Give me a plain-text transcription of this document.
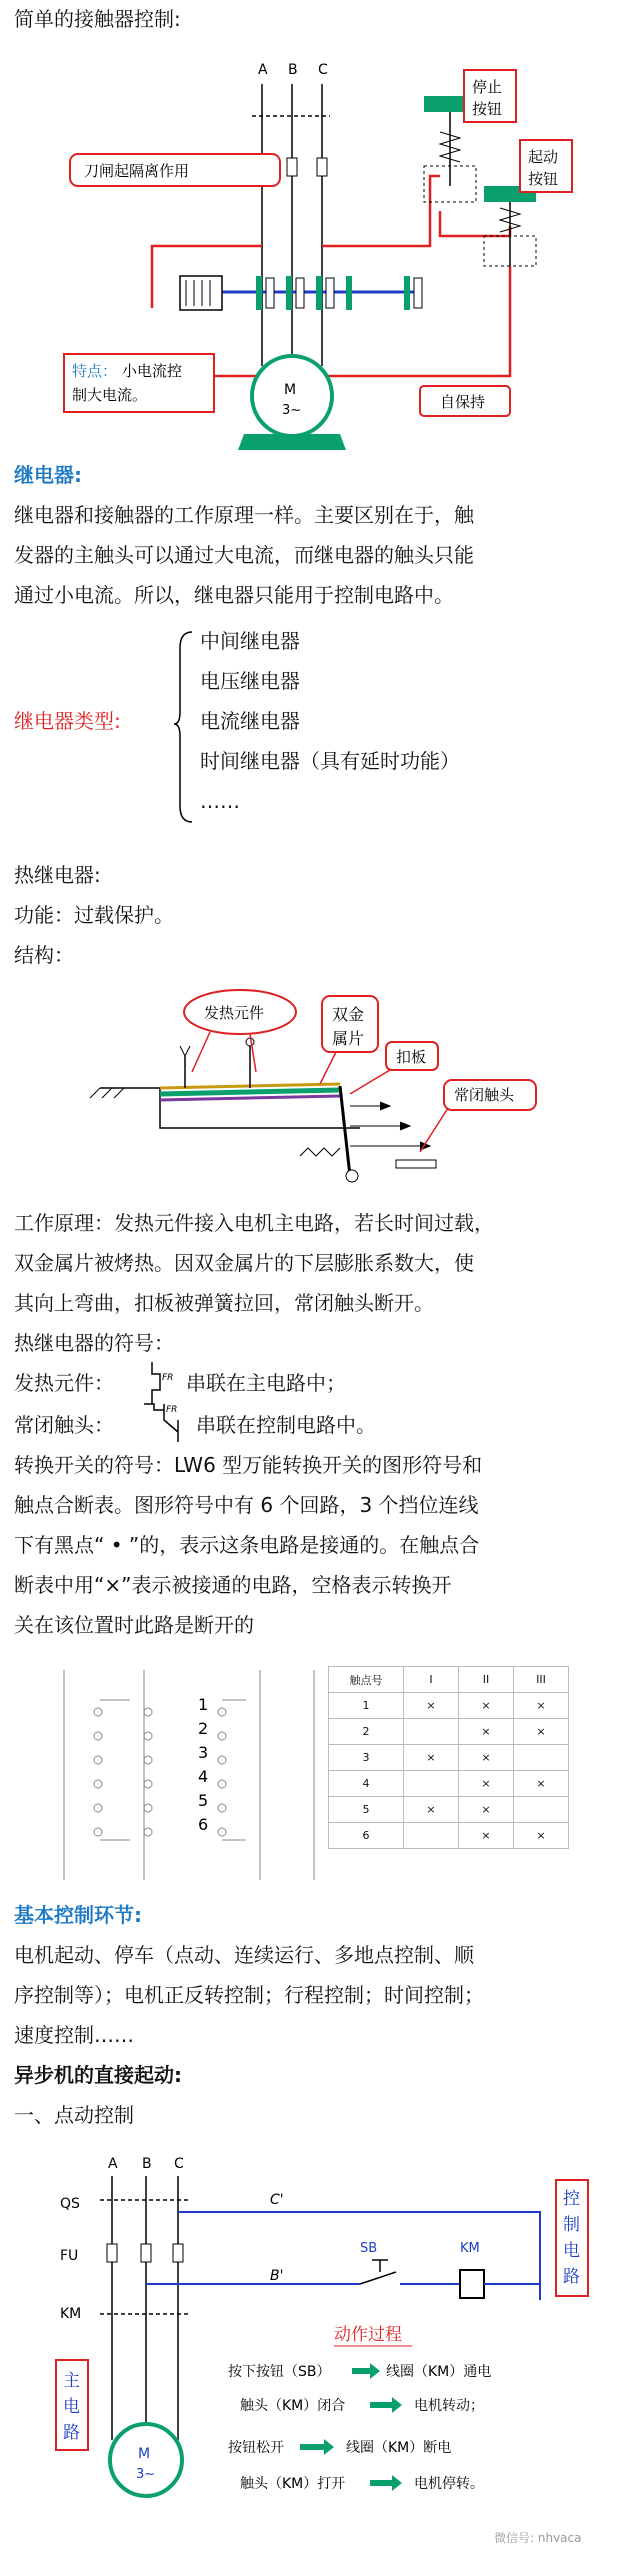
简单的接触器控制:
A B C
刀闸起隔离作用
停止
按钮
起动
按钮
特点： 小电流控
制大电流。	自保持
M
3~
继电器:
继电器和接触器的工作原理一样。主要区别在于，触
发器的主触头可以通过大电流，而继电器的触头只能
通过小电流。所以，继电器只能用于控制电路中。
继电器类型:
中间继电器
电压继电器
电流继电器
时间继电器（具有延时功能）
……
热继电器:
功能：过载保护。
结构：
发热元件	双金
属片
扣板
常闭触头
工作原理：发热元件接入电机主电路，若长时间过载，
双金属片被烤热。因双金属片的下层膨胀系数大，使
其向上弯曲，扣板被弹簧拉回，常闭触头断开。
热继电器的符号：
发热元件：	FR 串联在主电路中；
常闭触头：
FR
串联在控制电路中。
转换开关的符号：LW6 型万能转换开关的图形符号和
触点合断表。图形符号中有 6 个回路，3 个挡位连线
下有黑点“ • ”的，表示这条电路是接通的。在触点合
断表中用“×”表示被接通的电路，空格表示转换开
关在该位置时此路是断开的
1
2
3
4
5
6
触点号	I	II	III
1	×	×	×
2		×	×
3	×	×	
4		×	×
5	×	×	
6		×	×
基本控制环节:
电机起动、停车（点动、连续运行、多地点控制、顺
序控制等）；电机正反转控制；行程控制；时间控制；
速度控制……
异步机的直接起动:
一、点动控制
A B C
QS
FU
KM
C'
B'
SB	KM
控
制
电
路
主
电
路
动作过程
按下按钮（SB）	线圈（KM）通电
触头（KM）闭合	电机转动；
按钮松开	线圈（KM）断电
触头（KM）打开	电机停转。
M
3~
微信号: nhvaca
